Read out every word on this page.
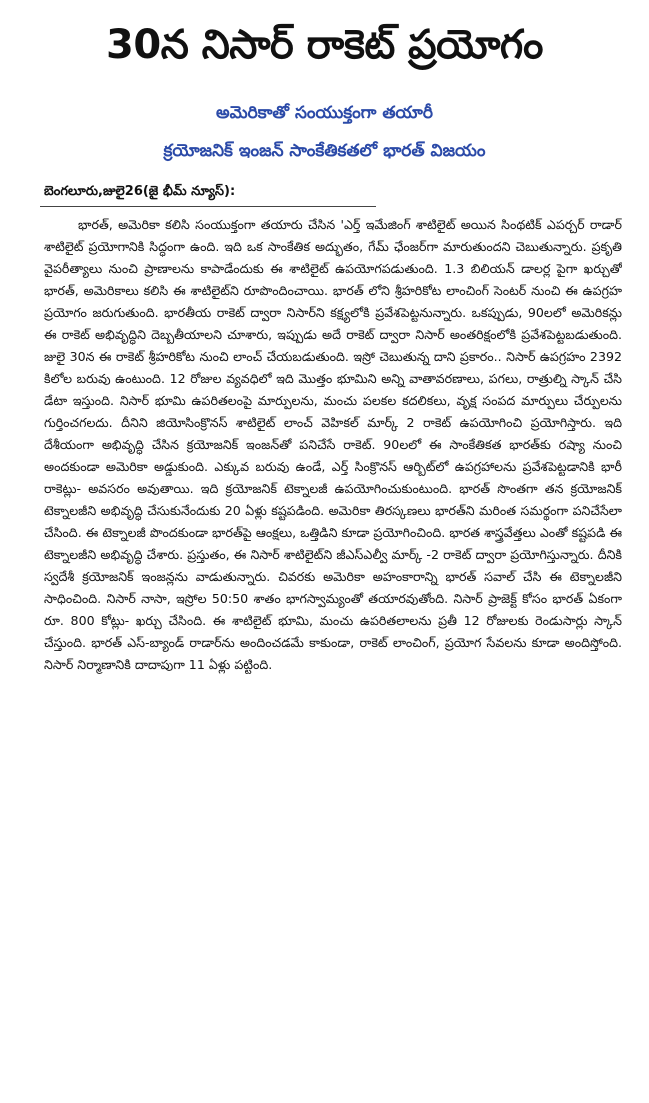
30న నిసార్ రాకెట్ ప్రయోగం
అమెరికాతో సంయుక్తంగా తయారీ
క్రయోజనిక్ ఇంజన్ సాంకేతికతలో భారత్ విజయం
బెంగలూరు,జులై26(జై భీమ్ న్యూస్):

భారత్, అమెరికా కలిసి సంయుక్తంగా తయారు చేసిన 'ఎర్త్ ఇమేజింగ్ శాటిలైట్ అయిన సింథటిక్ ఎపర్చర్ రాడార్ శాటిలైట్ ప్రయోగానికి సిద్ధంగా ఉంది. ఇది ఒక సాంకేతిక అద్భుతం, గేమ్ ఛేంజర్‌గా మారుతుందని చెబుతున్నారు. ప్రకృతి వైపరీత్యాలు నుంచి ప్రాణాలను కాపాడేందుకు ఈ శాటిలైట్ ఉపయోగపడుతుంది. 1.3 బిలియన్ డాలర్ల పైగా ఖర్చుతో భారత్, అమెరికాలు కలిసి ఈ శాటిలైట్‌ని రూపొందించాయి. భారత్ లోని శ్రీహరికోట లాంచింగ్ సెంటర్ నుంచి ఈ ఉపగ్రహ ప్రయోగం జరుగుతుంది. భారతీయ రాకెట్ ద్వారా నిసార్‌ని కక్ష్యలోకి ప్రవేశపెట్టనున్నారు. ఒకప్పుడు, 90లలో అమెరికన్లు ఈ రాకెట్ అభివృద్ధిని దెబ్బతీయాలని చూశారు, ఇప్పుడు అదే రాకెట్ ద్వారా నిసార్ అంతరిక్షంలోకి ప్రవేశపెట్టబడుతుంది. జులై 30న ఈ రాకెట్ శ్రీహరికోట నుంచి లాంచ్ చేయబడుతుంది. ఇస్రో చెబుతున్న దాని ప్రకారం.. నిసార్ ఉపగ్రహం 2392 కిలోల బరువు ఉంటుంది. 12 రోజుల వ్యవధిలో ఇది మొత్తం భూమిని అన్ని వాతావరణాలు, పగలు, రాత్రుల్ని స్కాన్ చేసి డేటా ఇస్తుంది. నిసార్ భూమి ఉపరితలంపై మార్పులను, మంచు పలకల కదలికలు, వృక్ష సంపద మార్పులు చేర్పులను గుర్తించగలదు. దీనిని జియోసింక్రొనస్ శాటిలైట్ లాంచ్ వెహికల్ మార్క్ 2 రాకెట్ ఉపయోగించి ప్రయోగిస్తారు. ఇది దేశీయంగా అభివృద్ధి చేసిన క్రయోజనిక్ ఇంజన్‌తో పనిచేసే రాకెట్. 90లలో ఈ సాంకేతికత భారత్‌కు రష్యా నుంచి అందకుండా అమెరికా అడ్డుకుంది. ఎక్కువ బరువు ఉండే, ఎర్త్ సింక్రొనస్ ఆర్బిట్‌లో ఉపగ్రహాలను ప్రవేశపెట్టడానికి భారీ రాకెట్లు- అవసరం అవుతాయి. ఇది క్రయోజనిక్ టెక్నాలజీ ఉపయోగించుకుంటుంది. భారత్ సొంతగా తన క్రయోజనిక్ టెక్నాలజీని అభివృద్ధి చేసుకునేందుకు 20 ఏళ్లు కష్టపడింది. అమెరికా తిరస్కణలు భారత్‌ని మరింత సమర్థంగా పనిచేసేలా చేసింది. ఈ టెక్నాలజీ పొందకుండా భారత్‌పై ఆంక్షలు, ఒత్తిడిని కూడా ప్రయోగించింది. భారత శాస్త్రవేత్తలు ఎంతో కష్టపడి ఈ టెక్నాలజీని అభివృద్ధి చేశారు. ప్రస్తుతం, ఈ నిసార్ శాటిలైట్‌ని జీఎస్ఎల్వీ మార్క్ -2 రాకెట్ ద్వారా ప్రయోగిస్తున్నారు. దీనికి స్వదేశీ క్రయోజనిక్ ఇంజన్లను వాడుతున్నారు. చివరకు అమెరికా అహంకారాన్ని భారత్ సవాల్ చేసి ఈ టెక్నాలజీని సాధించింది. నిసార్ నాసా, ఇస్రోల 50:50 శాతం భాగస్వామ్యంతో తయారవుతోంది. నిసార్ ప్రాజెక్ట్ కోసం భారత్ ఏకంగా రూ. 800 కోట్లు- ఖర్చు చేసింది. ఈ శాటిలైట్ భూమి, మంచు ఉపరితలాలను ప్రతీ 12 రోజులకు రెండుసార్లు స్కాన్ చేస్తుంది. భారత్ ఎస్-బ్యాండ్ రాడార్‌ను అందించడమే కాకుండా, రాకెట్ లాంచింగ్, ప్రయోగ సేవలను కూడా అందిస్తోంది. నిసార్ నిర్మాణానికి దాదాపుగా 11 ఏళ్లు పట్టింది.
